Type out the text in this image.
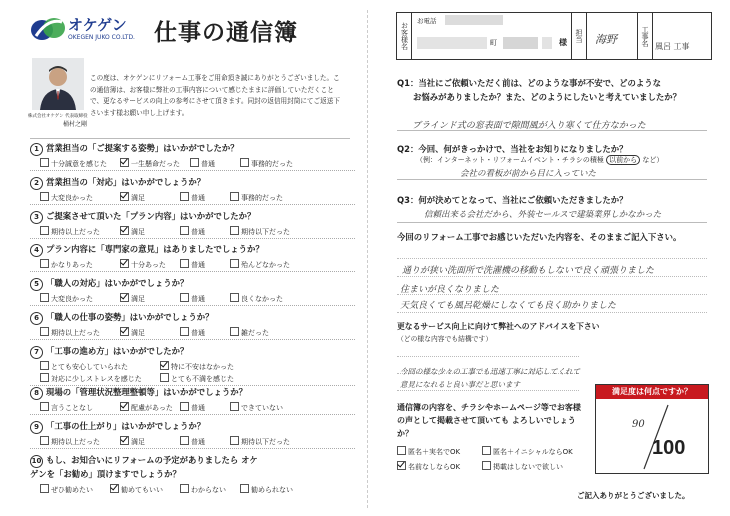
オケゲン
OKEGEN JUKO CO.LTD. 仕事の通信簿
株式会社オケゲン 代表取締役
桶村之剛
この度は、オケゲンにリフォーム工事をご用命頂き誠にありがとうございました。この通信簿は、お客様に弊社の工事内容について感じたままに評価していただくことで、更なるサービスの向上の参考にさせて頂きます。同封の返信用封筒にてご返送下さいます様お願い申し上げます。
1 営業担当の「ご提案する姿勢」はいかがでしたか？
十分誠意を感じた	一生懸命だった	普通	事務的だった
2 営業担当の「対応」はいかがでしょうか？
大変良かった	満足	普通	事務的だった
3 ご提案させて頂いた「プラン内容」はいかがでしたか？
期待以上だった	満足	普通	期待以下だった
4 プラン内容に「専門家の意見」はありましたでしょうか？
かなりあった	十分あった	普通	殆んどなかった
5 「職人の対応」はいかがでしょうか？
大変良かった	満足	普通	良くなかった
6 「職人の仕事の姿勢」はいかがでしょうか？
期待以上だった	満足	普通	雑だった
7 「工事の進め方」はいかがでしたか？
とても安心していられた	特に不安はなかった
対応に少しストレスを感じた	とても不満を感じた
8 現場の「管理状況整理整頓等」はいかがでしょうか？
言うことなし	配慮があった	普通	できていない
9 「工事の仕上がり」はいかがでしょうか？
期待以上だった	満足	普通	期待以下だった
10 もし、お知合いにリフォームの予定がありましたら オケゲンを「お勧め」頂けますでしょうか？
ぜひ勧めたい	勧めてもいい	わからない	勧められない
お客様名
お電話
町	様	担当	海野	工事名 風呂 工事
Q1：当社にご依頼いただく前は、どのような事が不安で、どのような
お悩みがありましたか？また、どのようにしたいと考えていましたか？
ブラインド式の窓表面で隙間風が入り寒くて仕方なかった
Q2：今回、何がきっかけで、当社をお知りになりましたか？
（例：インターネット・リフォームイベント・チラシの積極 以前から など）
会社の看板が前から目に入っていた
Q3：何が決めてとなって、当社にご依頼いただきましたか？
信頼出来る会社だから、外装セールスで建築業界しかなかった
今回のリフォーム工事でお感じいただいた内容を、そのままご記入下さい。
通りが狭い洗面所で洗濯機の移動もしないで良く頑張りました
住まいが良くなりました
天気良くても風呂乾燥にしなくても良く助かりました
更なるサービス向上に向けて弊社へのアドバイスを下さい
（どの様な内容でも結構です）
今回の様な少々の工事でも迅速丁寧に対応してくれて
意見になれると良い事だと思います
通信簿の内容を、チラシやホームページ等でお客様の声として掲載させて頂いても よろしいでしょうか？
匿名＋実名でOK	匿名＋イニシャルならOK
名前なしならOK	掲載はしないで欲しい
満足度は何点ですか？
90
100
ご記入ありがとうございました。
